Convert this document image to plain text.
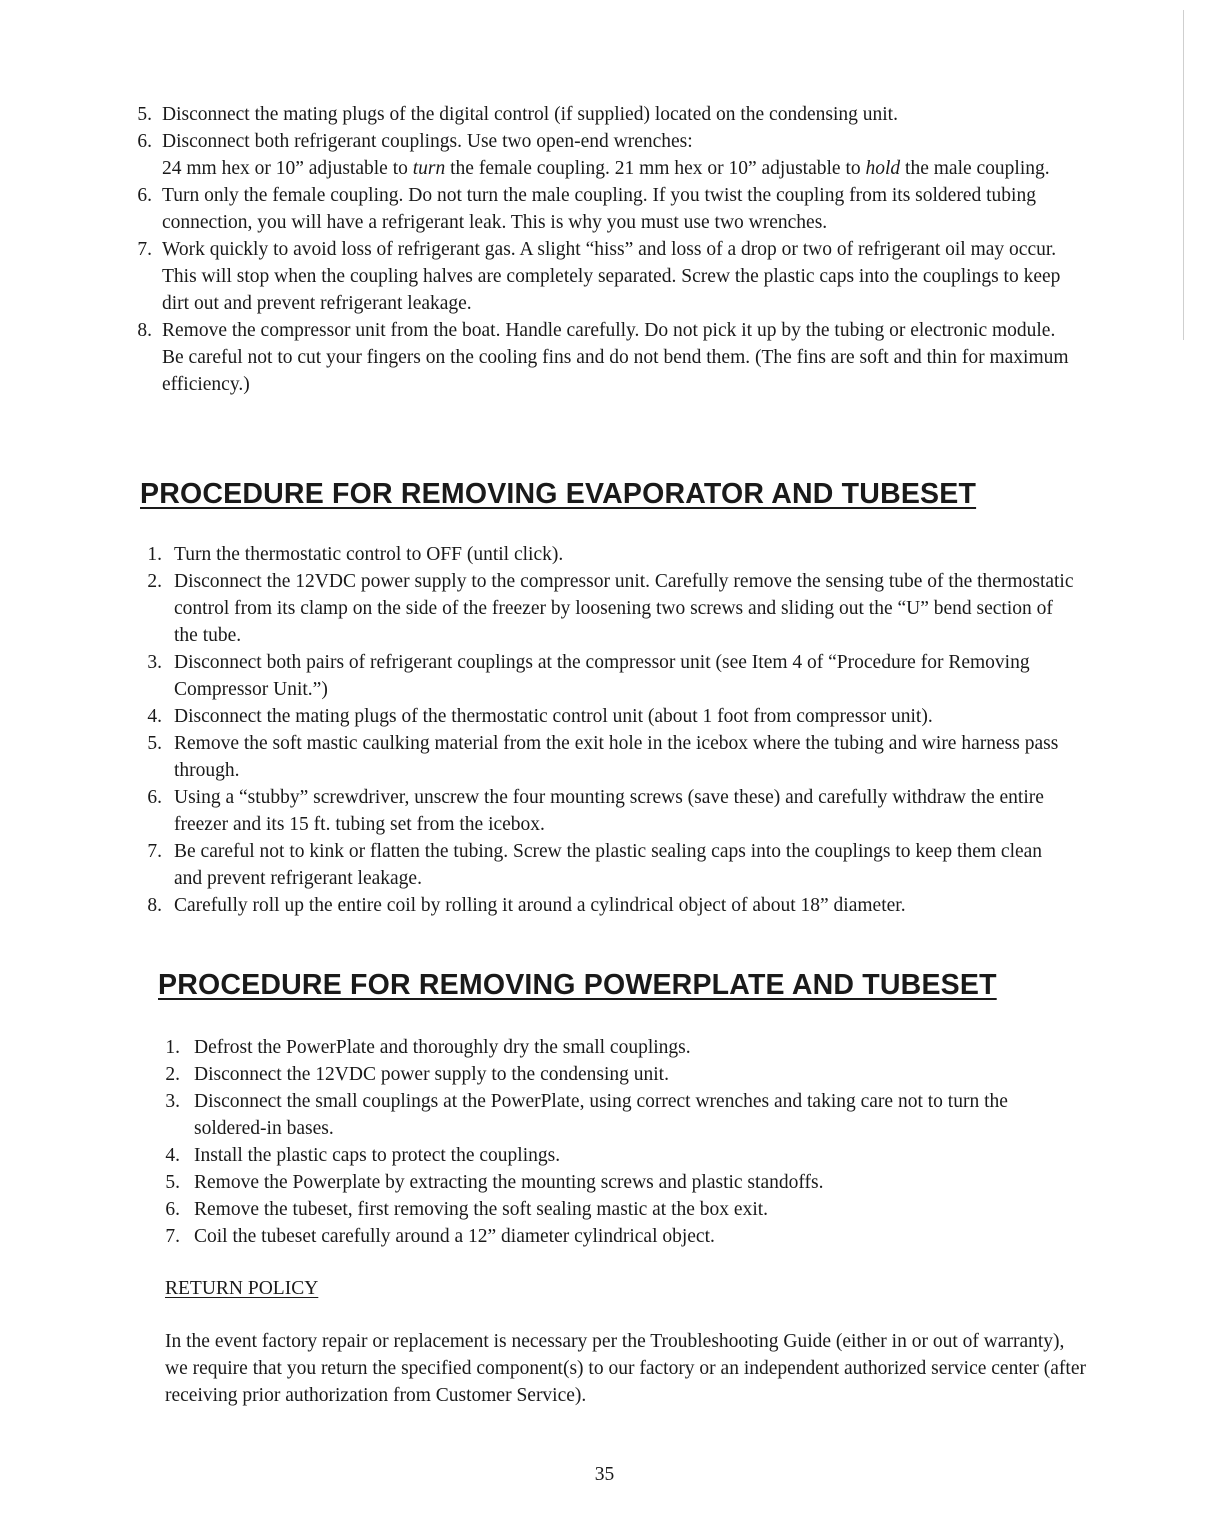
5. Disconnect the mating plugs of the digital control (if supplied) located on the condensing unit.
6. Disconnect both refrigerant couplings. Use two open-end wrenches:
24 mm hex or 10” adjustable to turn the female coupling. 21 mm hex or 10” adjustable to hold the male coupling.
6. Turn only the female coupling. Do not turn the male coupling. If you twist the coupling from its soldered tubing connection, you will have a refrigerant leak. This is why you must use two wrenches.
7. Work quickly to avoid loss of refrigerant gas. A slight “hiss” and loss of a drop or two of refrigerant oil may occur. This will stop when the coupling halves are completely separated. Screw the plastic caps into the couplings to keep dirt out and prevent refrigerant leakage.
8. Remove the compressor unit from the boat. Handle carefully. Do not pick it up by the tubing or electronic module. Be careful not to cut your fingers on the cooling fins and do not bend them. (The fins are soft and thin for maximum efficiency.)
PROCEDURE FOR REMOVING EVAPORATOR AND TUBESET
1. Turn the thermostatic control to OFF (until click).
2. Disconnect the 12VDC power supply to the compressor unit. Carefully remove the sensing tube of the thermostatic control from its clamp on the side of the freezer by loosening two screws and sliding out the “U” bend section of the tube.
3. Disconnect both pairs of refrigerant couplings at the compressor unit (see Item 4 of “Procedure for Removing Compressor Unit.”)
4. Disconnect the mating plugs of the thermostatic control unit (about 1 foot from compressor unit).
5. Remove the soft mastic caulking material from the exit hole in the icebox where the tubing and wire harness pass through.
6. Using a “stubby” screwdriver, unscrew the four mounting screws (save these) and carefully withdraw the entire freezer and its 15 ft. tubing set from the icebox.
7. Be careful not to kink or flatten the tubing. Screw the plastic sealing caps into the couplings to keep them clean and prevent refrigerant leakage.
8. Carefully roll up the entire coil by rolling it around a cylindrical object of about 18” diameter.
PROCEDURE FOR REMOVING POWERPLATE AND TUBESET
1. Defrost the PowerPlate and thoroughly dry the small couplings.
2. Disconnect the 12VDC power supply to the condensing unit.
3. Disconnect the small couplings at the PowerPlate, using correct wrenches and taking care not to turn the soldered-in bases.
4. Install the plastic caps to protect the couplings.
5. Remove the Powerplate by extracting the mounting screws and plastic standoffs.
6. Remove the tubeset, first removing the soft sealing mastic at the box exit.
7. Coil the tubeset carefully around a 12” diameter cylindrical object.
RETURN POLICY

In the event factory repair or replacement is necessary per the Troubleshooting Guide (either in or out of warranty), we require that you return the specified component(s) to our factory or an independent authorized service center (after receiving prior authorization from Customer Service).

35
